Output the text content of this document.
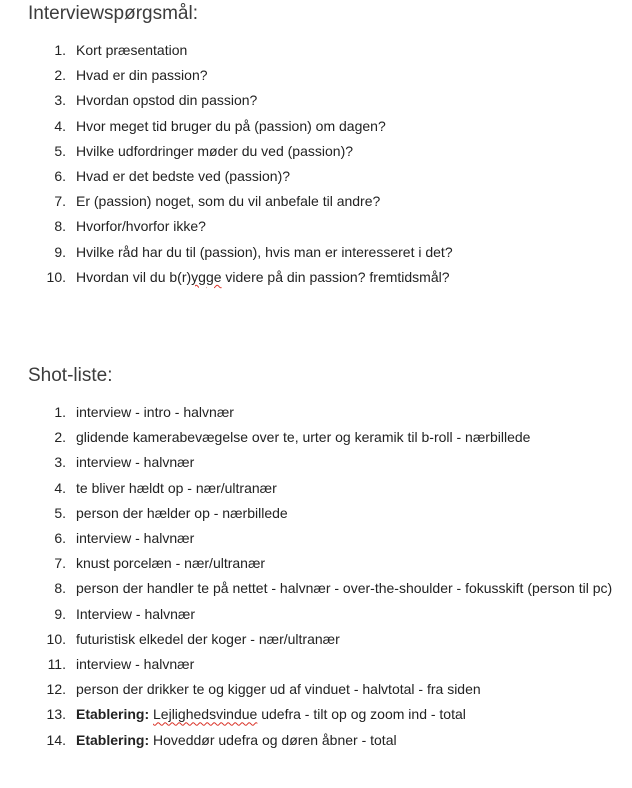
Interviewspørgsmål:
1. Kort præsentation
2. Hvad er din passion?
3. Hvordan opstod din passion?
4. Hvor meget tid bruger du på (passion) om dagen?
5. Hvilke udfordringer møder du ved (passion)?
6. Hvad er det bedste ved (passion)?
7. Er (passion) noget, som du vil anbefale til andre?
8. Hvorfor/hvorfor ikke?
9. Hvilke råd har du til (passion), hvis man er interesseret i det?
10. Hvordan vil du b(r)ygge videre på din passion? fremtidsmål?
Shot-liste:
1. interview - intro - halvnær
2. glidende kamerabevægelse over te, urter og keramik til b-roll - nærbillede
3. interview - halvnær
4. te bliver hældt op - nær/ultranær
5. person der hælder op - nærbillede
6. interview - halvnær
7. knust porcelæn - nær/ultranær
8. person der handler te på nettet - halvnær - over-the-shoulder - fokusskift (person til pc)
9. Interview - halvnær
10. futuristisk elkedel der koger - nær/ultranær
11. interview - halvnær
12. person der drikker te og kigger ud af vinduet - halvtotal - fra siden
13. Etablering: Lejlighedsvindue udefra - tilt op og zoom ind - total
14. Etablering: Hoveddør udefra og døren åbner - total
